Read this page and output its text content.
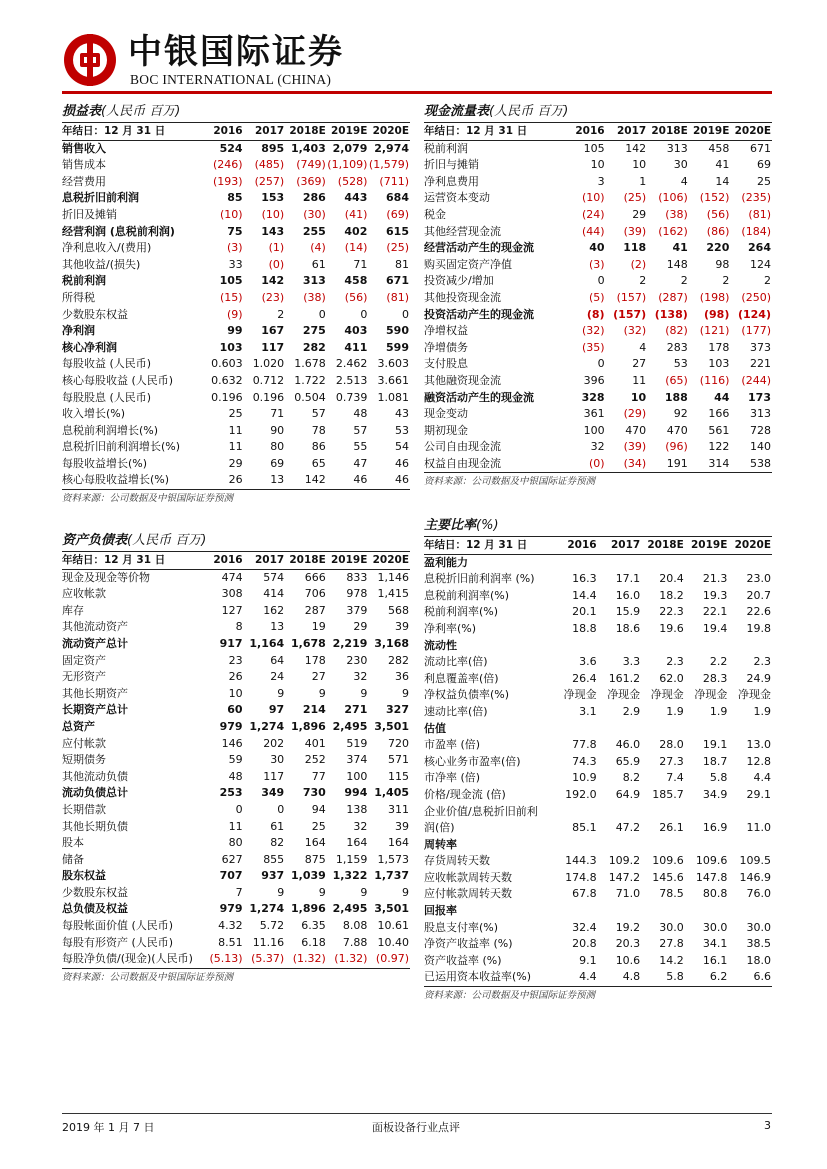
中银国际证券
BOC INTERNATIONAL (CHINA)
损益表(人民币 百万)
年结日：12 月 31 日	2016	2017	2018E	2019E	2020E
销售收入	524	895	1,403	2,079	2,974
销售成本	(246)	(485)	(749)	(1,109)	(1,579)
经营费用	(193)	(257)	(369)	(528)	(711)
息税折旧前利润	85	153	286	443	684
折旧及摊销	(10)	(10)	(30)	(41)	(69)
经营利润 (息税前利润)	75	143	255	402	615
净利息收入/(费用)	(3)	(1)	(4)	(14)	(25)
其他收益/(损失)	33	(0)	61	71	81
税前利润	105	142	313	458	671
所得税	(15)	(23)	(38)	(56)	(81)
少数股东权益	(9)	2	0	0	0
净利润	99	167	275	403	590
核心净利润	103	117	282	411	599
每股收益 (人民币)	0.603	1.020	1.678	2.462	3.603
核心每股收益 (人民币)	0.632	0.712	1.722	2.513	3.661
每股股息 (人民币)	0.196	0.196	0.504	0.739	1.081
收入增长(%)	25	71	57	48	43
息税前利润增长(%)	11	90	78	57	53
息税折旧前利润增长(%)	11	80	86	55	54
每股收益增长(%)	29	69	65	47	46
核心每股收益增长(%)	26	13	142	46	46
资料来源：公司数据及中银国际证券预测
资产负债表(人民币 百万)
年结日：12 月 31 日	2016	2017	2018E	2019E	2020E
现金及现金等价物	474	574	666	833	1,146
应收帐款	308	414	706	978	1,415
库存	127	162	287	379	568
其他流动资产	8	13	19	29	39
流动资产总计	917	1,164	1,678	2,219	3,168
固定资产	23	64	178	230	282
无形资产	26	24	27	32	36
其他长期资产	10	9	9	9	9
长期资产总计	60	97	214	271	327
总资产	979	1,274	1,896	2,495	3,501
应付帐款	146	202	401	519	720
短期债务	59	30	252	374	571
其他流动负债	48	117	77	100	115
流动负债总计	253	349	730	994	1,405
长期借款	0	0	94	138	311
其他长期负债	11	61	25	32	39
股本	80	82	164	164	164
储备	627	855	875	1,159	1,573
股东权益	707	937	1,039	1,322	1,737
少数股东权益	7	9	9	9	9
总负债及权益	979	1,274	1,896	2,495	3,501
每股帐面价值 (人民币)	4.32	5.72	6.35	8.08	10.61
每股有形资产 (人民币)	8.51	11.16	6.18	7.88	10.40
每股净负债/(现金)(人民币)	(5.13)	(5.37)	(1.32)	(1.32)	(0.97)
资料来源：公司数据及中银国际证券预测
现金流量表(人民币 百万)
年结日：12 月 31 日	2016	2017	2018E	2019E	2020E
税前利润	105	142	313	458	671
折旧与摊销	10	10	30	41	69
净利息费用	3	1	4	14	25
运营资本变动	(10)	(25)	(106)	(152)	(235)
税金	(24)	29	(38)	(56)	(81)
其他经营现金流	(44)	(39)	(162)	(86)	(184)
经营活动产生的现金流	40	118	41	220	264
购买固定资产净值	(3)	(2)	148	98	124
投资减少/增加	0	2	2	2	2
其他投资现金流	(5)	(157)	(287)	(198)	(250)
投资活动产生的现金流	(8)	(157)	(138)	(98)	(124)
净增权益	(32)	(32)	(82)	(121)	(177)
净增债务	(35)	4	283	178	373
支付股息	0	27	53	103	221
其他融资现金流	396	11	(65)	(116)	(244)
融资活动产生的现金流	328	10	188	44	173
现金变动	361	(29)	92	166	313
期初现金	100	470	470	561	728
公司自由现金流	32	(39)	(96)	122	140
权益自由现金流	(0)	(34)	191	314	538
资料来源：公司数据及中银国际证券预测
主要比率(%)
年结日：12 月 31 日	2016	2017	2018E	2019E	2020E
盈利能力					
息税折旧前利润率 (%)	16.3	17.1	20.4	21.3	23.0
息税前利润率(%)	14.4	16.0	18.2	19.3	20.7
税前利润率(%)	20.1	15.9	22.3	22.1	22.6
净利率(%)	18.8	18.6	19.6	19.4	19.8
流动性					
流动比率(倍)	3.6	3.3	2.3	2.2	2.3
利息覆盖率(倍)	26.4	161.2	62.0	28.3	24.9
净权益负债率(%)	净现金	净现金	净现金	净现金	净现金
速动比率(倍)	3.1	2.9	1.9	1.9	1.9
估值					
市盈率 (倍)	77.8	46.0	28.0	19.1	13.0
核心业务市盈率(倍)	74.3	65.9	27.3	18.7	12.8
市净率 (倍)	10.9	8.2	7.4	5.8	4.4
价格/现金流 (倍)	192.0	64.9	185.7	34.9	29.1
企业价值/息税折旧前利					
润(倍)	85.1	47.2	26.1	16.9	11.0
周转率					
存货周转天数	144.3	109.2	109.6	109.6	109.5
应收帐款周转天数	174.8	147.2	145.6	147.8	146.9
应付帐款周转天数	67.8	71.0	78.5	80.8	76.0
回报率					
股息支付率(%)	32.4	19.2	30.0	30.0	30.0
净资产收益率 (%)	20.8	20.3	27.8	34.1	38.5
资产收益率 (%)	9.1	10.6	14.2	16.1	18.0
已运用资本收益率(%)	4.4	4.8	5.8	6.2	6.6
资料来源：公司数据及中银国际证券预测
2019 年 1 月 7 日	面板设备行业点评	3
